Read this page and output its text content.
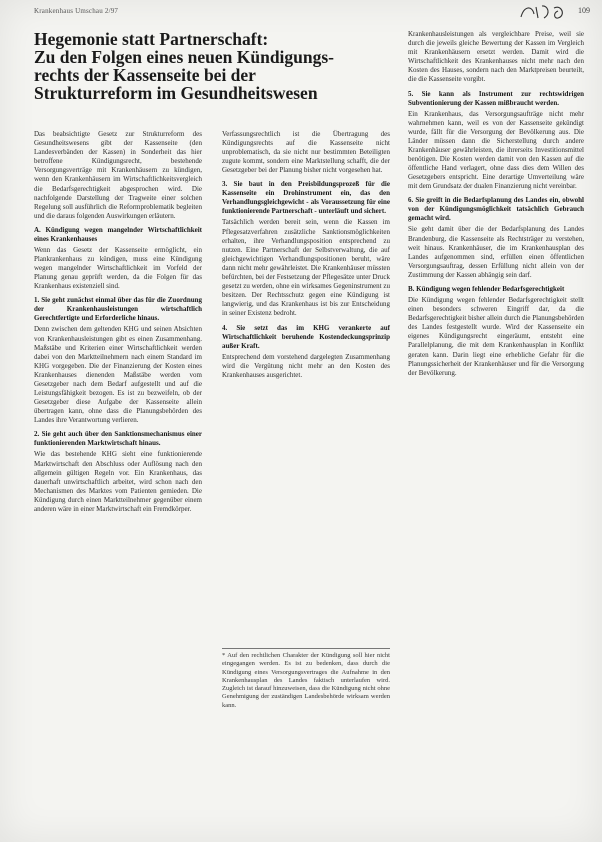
Krankenhaus Umschau 2/97	109
Hegemonie statt Partnerschaft:
Zu den Folgen eines neuen Kündigungs-
rechts der Kassenseite bei der
Strukturreform im Gesundheitswesen

Das beabsichtigte Gesetz zur Strukturreform des Gesundheitswesens gibt der Kassenseite (den Landesverbänden der Kassen) in Sonderheit das hier betroffene Kündigungsrecht, bestehende Versorgungsverträge mit Krankenhäusern zu kündigen, wenn den Krankenhäusern im Wirtschaftlichkeitsvergleich die Bedarfsgerechtigkeit abgesprochen wird. Die nachfolgende Darstellung der Tragweite einer solchen Regelung soll ausführlich die Reformproblematik begleiten und die daraus folgenden Auswirkungen erläutern.

A. Kündigung wegen mangelnder Wirtschaftlichkeit eines Krankenhauses

Wenn das Gesetz der Kassenseite ermöglicht, ein Plankrankenhaus zu kündigen, muss eine Kündigung wegen mangelnder Wirtschaftlichkeit im Vorfeld der Planung genau geprüft werden, da die Folgen für das Krankenhaus existenziell sind.

1. Sie geht zunächst einmal über das für die Zuordnung der Krankenhausleistungen wirtschaftlich Gerechtfertigte und Erforderliche hinaus.

Denn zwischen dem geltenden KHG und seinen Absichten von Krankenhausleistungen gibt es einen Zusammenhang. Maßstäbe und Kriterien einer Wirtschaftlichkeit werden dabei von den Marktteilnehmern nach einem Standard im KHG vorgegeben. Die der Finanzierung der Kosten eines Krankenhauses dienenden Maßstäbe werden vom Gesetzgeber nach dem Bedarf aufgestellt und auf die Leistungsfähigkeit bezogen. Es ist zu bezweifeln, ob der Gesetzgeber diese Aufgabe der Kassenseite allein übertragen kann, ohne dass die Planungsbehörden des Landes ihre Verantwortung verlieren.

2. Sie geht auch über den Sanktionsmechanismus einer funktionierenden Marktwirtschaft hinaus.

Wie das bestehende KHG sieht eine funktionierende Marktwirtschaft den Abschluss oder Auflösung nach den allgemein gültigen Regeln vor. Ein Krankenhaus, das dauerhaft unwirtschaftlich arbeitet, wird schon nach den Mechanismen des Marktes vom Patienten gemieden. Die Kündigung durch einen Marktteilnehmer gegenüber einem anderen wäre in einer Marktwirtschaft ein Fremdkörper.

Verfassungsrechtlich ist die Übertragung des Kündigungsrechts auf die Kassenseite nicht unproblematisch, da sie nicht nur bestimmten Beteiligten zugute kommt, sondern eine Marktstellung schafft, die der Gesetzgeber bei der Planung bisher nicht vorgesehen hat.

3. Sie baut in den Preisbildungsprozeß für die Kassenseite ein Drohinstrument ein, das den Verhandlungsgleichgewicht - als Voraussetzung für eine funktionierende Partnerschaft - unterläuft und sichert.

Tatsächlich werden bereit sein, wenn die Kassen im Pflegesatzverfahren zusätzliche Sanktionsmöglichkeiten erhalten, ihre Verhandlungsposition entsprechend zu nutzen. Eine Partnerschaft der Selbstverwaltung, die auf gleichgewichtigen Verhandlungspositionen beruht, wäre dann nicht mehr gewährleistet. Die Krankenhäuser müssten befürchten, bei der Festsetzung der Pflegesätze unter Druck gesetzt zu werden, ohne ein wirksames Gegeninstrument zu besitzen. Der Rechtsschutz gegen eine Kündigung ist langwierig, und das Krankenhaus ist bis zur Entscheidung in seiner Existenz bedroht.

4. Sie setzt das im KHG verankerte auf Wirtschaftlichkeit beruhende Kostendeckungsprinzip außer Kraft.

Entsprechend dem vorstehend dargelegten Zusammenhang wird die Vergütung nicht mehr an den Kosten des Krankenhauses ausgerichtet.

* Auf den rechtlichen Charakter der Kündigung soll hier nicht eingegangen werden. Es ist zu bedenken, dass durch die Kündigung eines Versorgungsvertrages die Aufnahme in den Krankenhausplan des Landes faktisch unterlaufen wird. Zugleich ist darauf hinzuweisen, dass die Kündigung nicht ohne Genehmigung der zuständigen Landesbehörde wirksam werden kann.

Krankenhausleistungen als vergleichbare Preise, weil sie durch die jeweils gleiche Bewertung der Kassen im Vergleich mit Krankenhäusern ersetzt werden. Damit wird die Wirtschaftlichkeit des Krankenhauses nicht mehr nach den Kosten des Hauses, sondern nach den Marktpreisen beurteilt, die die Kassenseite vorgibt.

5. Sie kann als Instrument zur rechtswidrigen Subventionierung der Kassen mißbraucht werden.

Ein Krankenhaus, das Versorgungsaufträge nicht mehr wahrnehmen kann, weil es von der Kassenseite gekündigt wurde, fällt für die Versorgung der Bevölkerung aus. Die Länder müssen dann die Sicherstellung durch andere Krankenhäuser gewährleisten, die ihrerseits Investitionsmittel benötigen. Die Kosten werden damit von den Kassen auf die öffentliche Hand verlagert, ohne dass dies dem Willen des Gesetzgebers entspricht. Eine derartige Umverteilung wäre mit dem Grundsatz der dualen Finanzierung nicht vereinbar.

6. Sie greift in die Bedarfsplanung des Landes ein, obwohl von der Kündigungsmöglichkeit tatsächlich Gebrauch gemacht wird.

Sie geht damit über die der Bedarfsplanung des Landes Brandenburg, die Kassenseite als Rechtsträger zu verstehen, weit hinaus. Krankenhäuser, die im Krankenhausplan des Landes aufgenommen sind, erfüllen einen öffentlichen Versorgungsauftrag, dessen Erfüllung nicht allein von der Zustimmung der Kassen abhängig sein darf.

B. Kündigung wegen fehlender Bedarfsgerechtigkeit

Die Kündigung wegen fehlender Bedarfsgerechtigkeit stellt einen besonders schweren Eingriff dar, da die Bedarfsgerechtigkeit bisher allein durch die Planungsbehörden des Landes festgestellt wurde. Wird der Kassenseite ein eigenes Kündigungsrecht eingeräumt, entsteht eine Parallelplanung, die mit dem Krankenhausplan in Konflikt geraten kann. Darin liegt eine erhebliche Gefahr für die Planungssicherheit der Krankenhäuser und für die Versorgung der Bevölkerung.
